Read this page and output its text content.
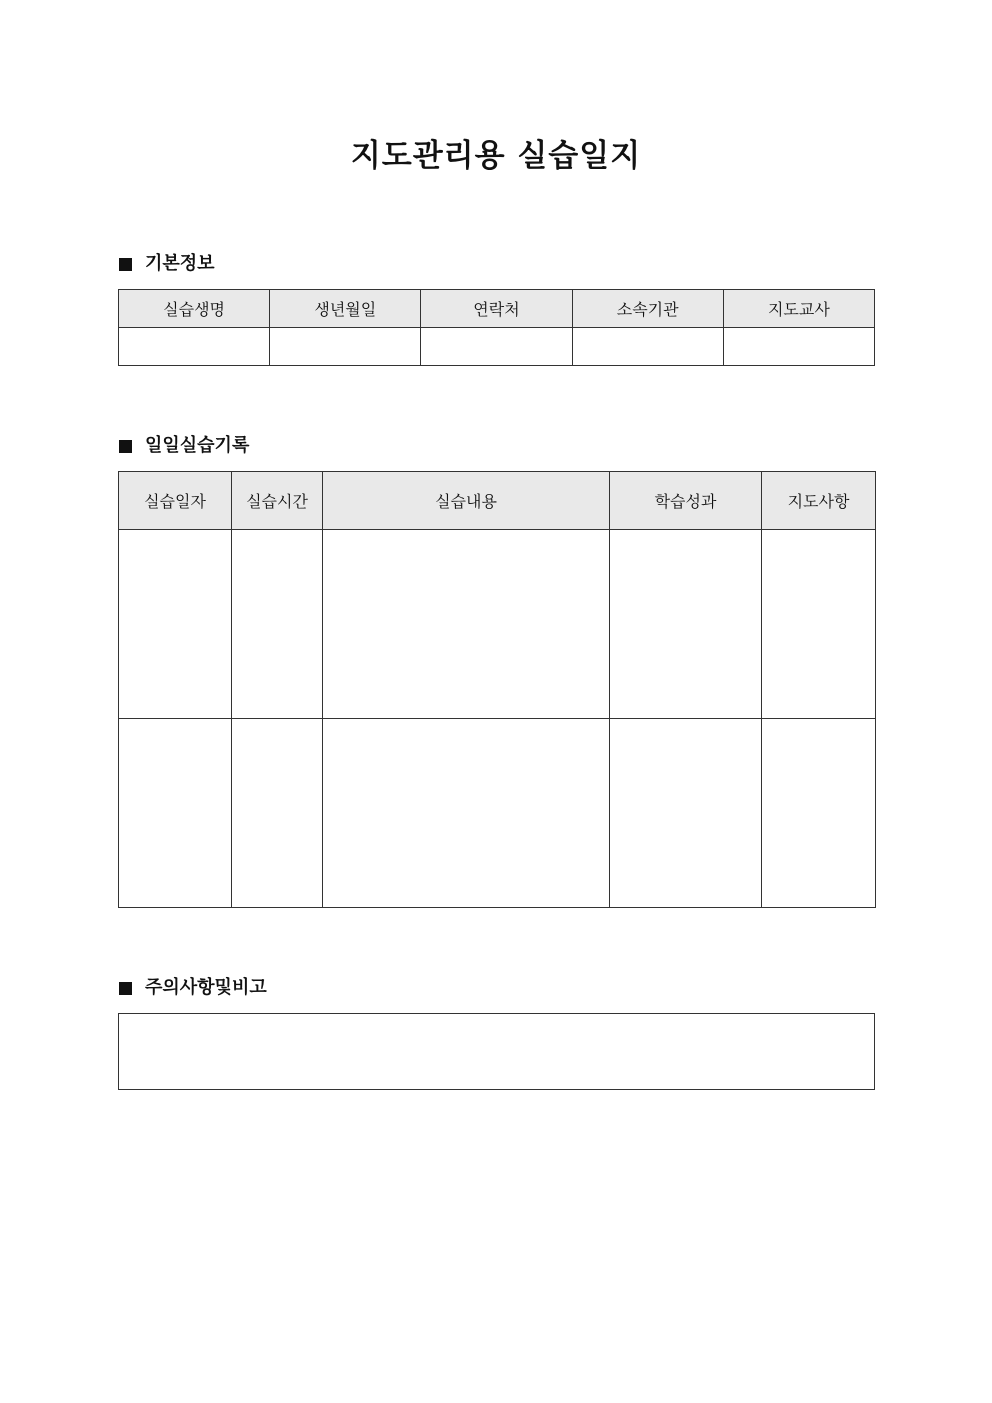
지도관리용 실습일지
기본정보
실습생명	생년월일	연락처	소속기관	지도교사

일일실습기록
실습일자	실습시간	실습내용	학습성과	지도사항

주의사항및비고
